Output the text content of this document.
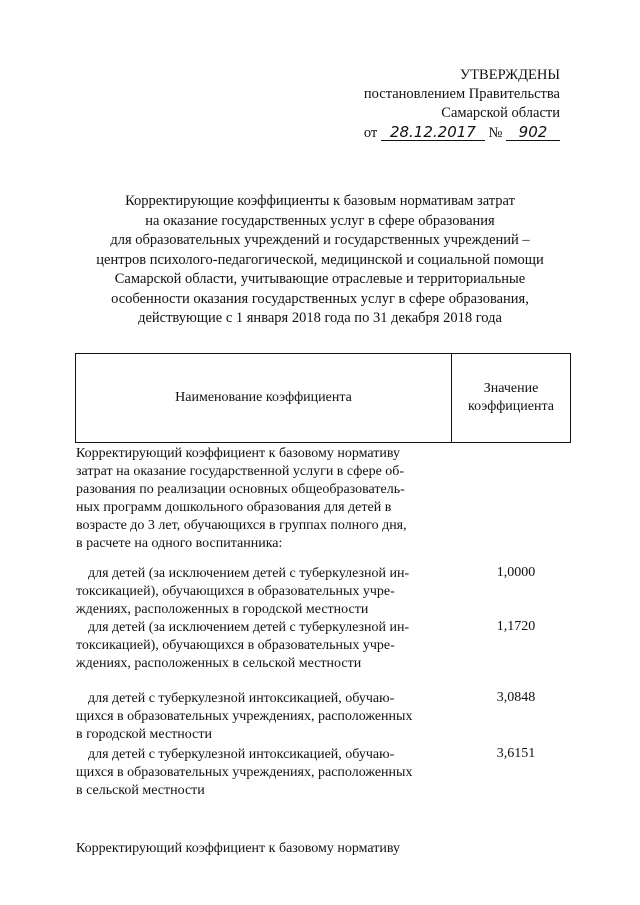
УТВЕРЖДЕНЫ
постановлением Правительства
Самарской области
от 28.12.2017 № 902
Корректирующие коэффициенты к базовым нормативам затрат
на оказание государственных услуг в сфере образования
для образовательных учреждений и государственных учреждений –
центров психолого-педагогической, медицинской и социальной помощи
Самарской области, учитывающие отраслевые и территориальные
особенности оказания государственных услуг в сфере образования,
действующие с 1 января 2018 года по 31 декабря 2018 года
Наименование коэффициента
Значение
коэффициента
Корректирующий коэффициент к базовому нормативу
затрат на оказание государственной услуги в сфере об-
разования по реализации основных общеобразователь-
ных программ дошкольного образования для детей в
возрасте до 3 лет, обучающихся в группах полного дня,
в расчете на одного воспитанника:
для детей (за исключением детей с туберкулезной ин-
токсикацией), обучающихся в образовательных учре-
ждениях, расположенных в городской местности
1,0000
для детей (за исключением детей с туберкулезной ин-
токсикацией), обучающихся в образовательных учре-
ждениях, расположенных в сельской местности
1,1720
для детей с туберкулезной интоксикацией, обучаю-
щихся в образовательных учреждениях, расположенных
в городской местности
3,0848
для детей с туберкулезной интоксикацией, обучаю-
щихся в образовательных учреждениях, расположенных
в сельской местности
3,6151
Корректирующий коэффициент к базовому нормативу
